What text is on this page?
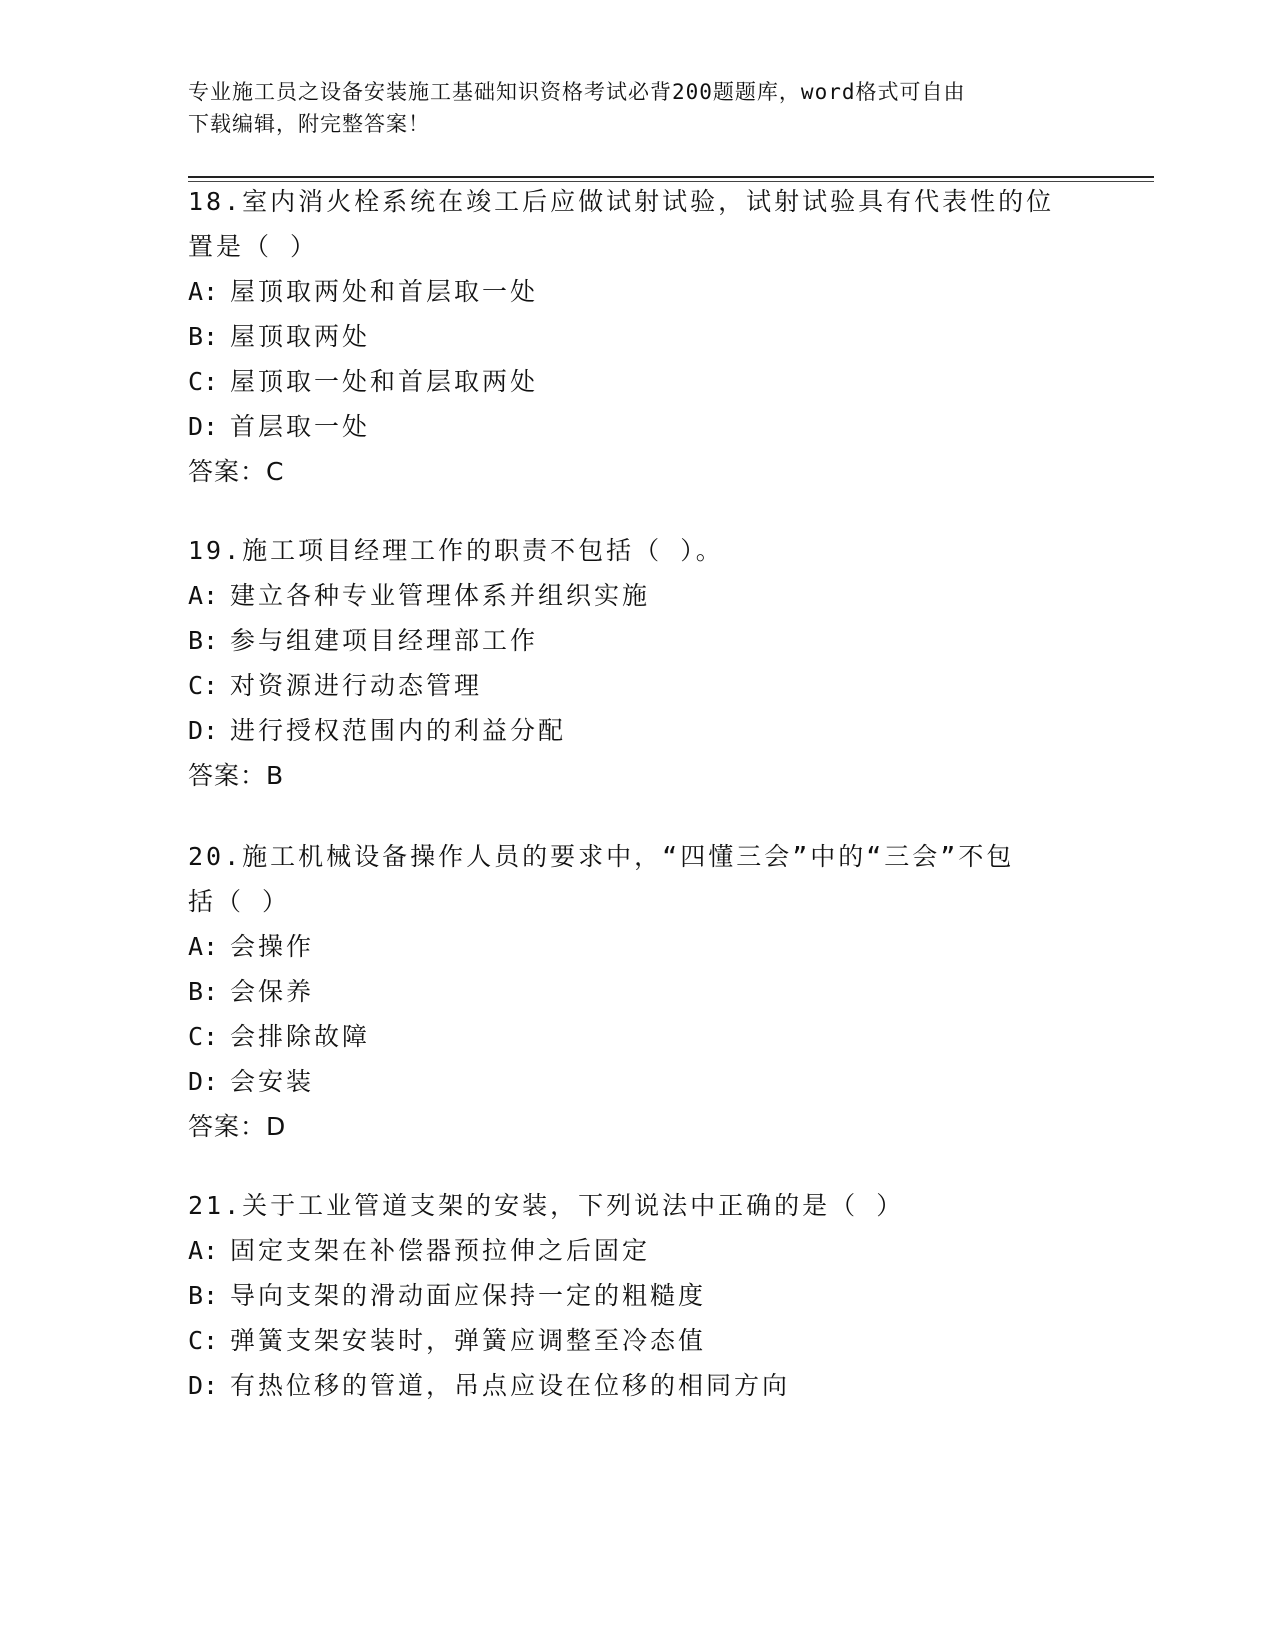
专业施工员之设备安装施工基础知识资格考试必背200题题库，word格式可自由
下载编辑，附完整答案！

18.室内消火栓系统在竣工后应做试射试验，试射试验具有代表性的位

置是（ ）

A: 屋顶取两处和首层取一处

B: 屋顶取两处

C: 屋顶取一处和首层取两处

D: 首层取一处

答案：C

19.施工项目经理工作的职责不包括（ ）。

A: 建立各种专业管理体系并组织实施

B: 参与组建项目经理部工作

C: 对资源进行动态管理

D: 进行授权范围内的利益分配

答案：B

20.施工机械设备操作人员的要求中，“四懂三会”中的“三会”不包

括（ ）

A: 会操作

B: 会保养

C: 会排除故障

D: 会安装

答案：D

21.关于工业管道支架的安装，下列说法中正确的是（ ）

A: 固定支架在补偿器预拉伸之后固定

B: 导向支架的滑动面应保持一定的粗糙度

C: 弹簧支架安装时，弹簧应调整至冷态值

D: 有热位移的管道，吊点应设在位移的相同方向
